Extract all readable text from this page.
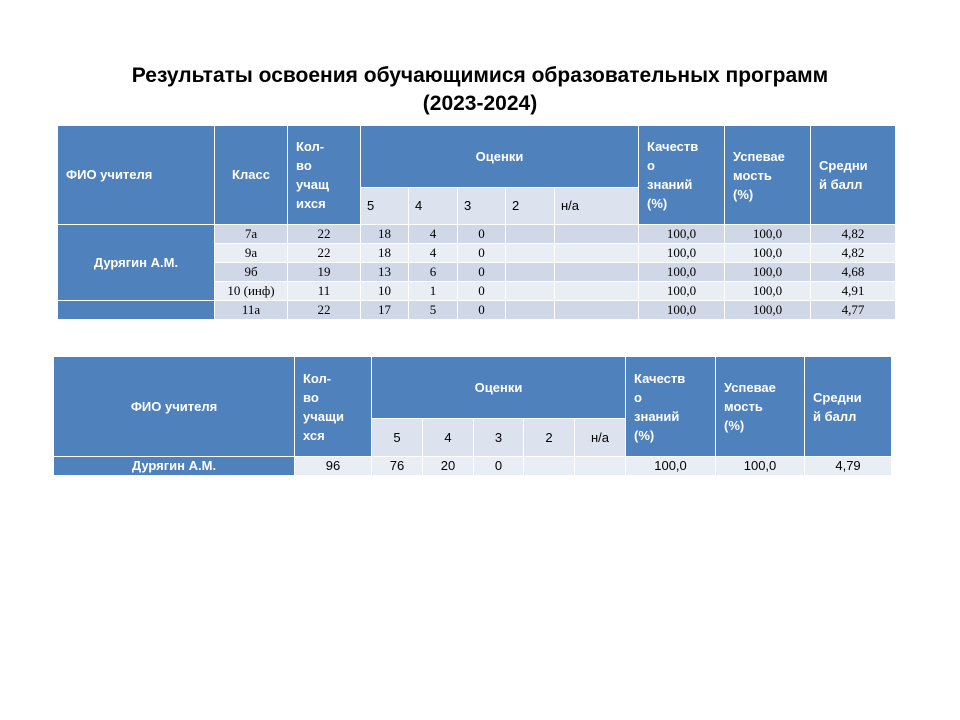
Результаты освоения обучающимися образовательных программ
(2023-2024)
ФИО учителя	Класс	Кол-
во
учащ
ихся	Оценки					Качеств
о
знаний
(%)	Успевае
мость
(%)	Средни
й балл
			5	4	3	2	н/а			
Дурягин А.М.	7а	22	18	4	0			100,0	100,0	4,82
	9а	22	18	4	0			100,0	100,0	4,82
	9б	19	13	6	0			100,0	100,0	4,68
	10 (инф)	11	10	1	0			100,0	100,0	4,91
	11а	22	17	5	0			100,0	100,0	4,77
ФИО учителя	Кол-
во
учащи
хся	Оценки					Качеств
о
знаний
(%)	Успевае
мость
(%)	Средни
й балл
		5	4	3	2	н/а			
Дурягин А.М.	96	76	20	0			100,0	100,0	4,79
